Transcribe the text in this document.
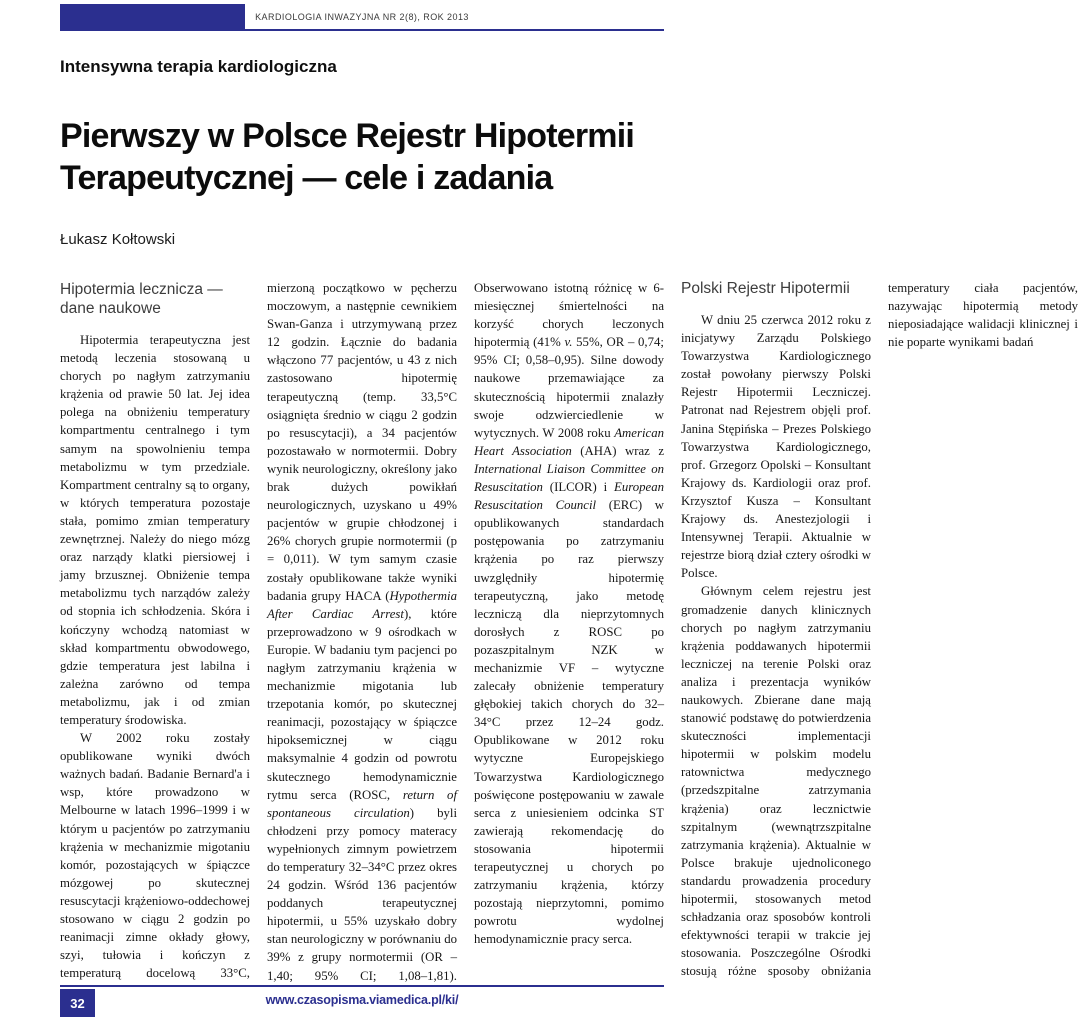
KARDIOLOGIA INWAZYJNA NR 2(8), ROK 2013
Intensywna terapia kardiologiczna
Pierwszy w Polsce Rejestr Hipotermii Terapeutycznej — cele i zadania
Łukasz Kołtowski
Hipotermia lecznicza — dane naukowe

Hipotermia terapeutyczna jest metodą leczenia stosowaną u chorych po nagłym zatrzymaniu krążenia od prawie 50 lat. Jej idea polega na obniżeniu temperatury kompartmentu centralnego i tym samym na spowolnieniu tempa metabolizmu w tym przedziale. Kompartment centralny są to organy, w których temperatura pozostaje stała, pomimo zmian temperatury zewnętrznej. Należy do niego mózg oraz narządy klatki piersiowej i jamy brzusznej. Obniżenie tempa metabolizmu tych narządów zależy od stopnia ich schłodzenia. Skóra i kończyny wchodzą natomiast w skład kompartmentu obwodowego, gdzie temperatura jest labilna i zależna zarówno od tempa metabolizmu, jak i od zmian temperatury środowiska.

W 2002 roku zostały opublikowane wyniki dwóch ważnych badań. Badanie Bernard'a i wsp, które prowadzono w Melbourne w latach 1996–1999 i w którym u pacjentów po zatrzymaniu krążenia w mechanizmie migotaniu komór, pozostających w śpiączce mózgowej po skutecznej resuscytacji krążeniowo-oddechowej stosowano w ciągu 2 godzin po reanimacji zimne okłady głowy, szyi, tułowia i kończyn z temperaturą docelową 33°C, mierzoną początkowo w pęcherzu moczowym, a następnie cewnikiem Swan-Ganza i utrzymywaną przez 12 godzin. Łącznie do badania włączono 77 pacjentów, u 43 z nich zastosowano hipotermię terapeutyczną (temp. 33,5°C osiągnięta średnio w ciągu 2 godzin po resuscytacji), a 34 pacjentów pozostawało w normotermii. Dobry wynik neurologiczny, określony jako brak dużych powikłań neurologicznych, uzyskano u 49% pacjentów w grupie chłodzonej i 26% chorych grupie normotermii (p = 0,011). W tym samym czasie zostały opublikowane także wyniki badania grupy HACA (Hypothermia After Cardiac Arrest), które przeprowadzono w 9 ośrodkach w Europie. W badaniu tym pacjenci po nagłym zatrzymaniu krążenia w mechanizmie migotania lub trzepotania komór, po skutecznej reanimacji, pozostający w śpiączce hipoksemicznej w ciągu maksymalnie 4 godzin od powrotu skutecznego hemodynamicznie rytmu serca (ROSC, return of spontaneous circulation) byli chłodzeni przy pomocy materacy wypełnionych zimnym powietrzem do temperatury 32–34°C przez okres 24 godzin. Wśród 136 pacjentów poddanych terapeutycznej hipotermii, u 55% uzyskało dobry stan neurologiczny w porównaniu do 39% z grupy normotermii (OR – 1,40; 95% CI; 1,08–1,81). Obserwowano istotną różnicę w 6-miesięcznej śmiertelności na korzyść chorych leczonych hipotermią (41% v. 55%, OR – 0,74; 95% CI; 0,58–0,95). Silne dowody naukowe przemawiające za skutecznością hipotermii znalazły swoje odzwierciedlenie w wytycznych. W 2008 roku American Heart Association (AHA) wraz z International Liaison Committee on Resuscitation (ILCOR) i European Resuscitation Council (ERC) w opublikowanych standardach postępowania po zatrzymaniu krążenia po raz pierwszy uwzględniły hipotermię terapeutyczną, jako metodę leczniczą dla nieprzytomnych dorosłych z ROSC po pozaszpitalnym NZK w mechanizmie VF – wytyczne zalecały obniżenie temperatury głębokiej takich chorych do 32–34°C przez 12–24 godz. Opublikowane w 2012 roku wytyczne Europejskiego Towarzystwa Kardiologicznego poświęcone postępowaniu w zawale serca z uniesieniem odcinka ST zawierają rekomendację do stosowania hipotermii terapeutycznej u chorych po zatrzymaniu krążenia, którzy pozostają nieprzytomni, pomimo powrotu wydolnej hemodynamicznie pracy serca.

Polski Rejestr Hipotermii

W dniu 25 czerwca 2012 roku z inicjatywy Zarządu Polskiego Towarzystwa Kardiologicznego został powołany pierwszy Polski Rejestr Hipotermii Leczniczej. Patronat nad Rejestrem objęli prof. Janina Stępińska – Prezes Polskiego Towarzystwa Kardiologicznego, prof. Grzegorz Opolski – Konsultant Krajowy ds. Kardiologii oraz prof. Krzysztof Kusza – Konsultant Krajowy ds. Anestezjologii i Intensywnej Terapii. Aktualnie w rejestrze biorą dział cztery ośrodki w Polsce.

Głównym celem rejestru jest gromadzenie danych klinicznych chorych po nagłym zatrzymaniu krążenia poddawanych hipotermii leczniczej na terenie Polski oraz analiza i prezentacja wyników naukowych. Zbierane dane mają stanowić podstawę do potwierdzenia skuteczności implementacji hipotermii w polskim modelu ratownictwa medycznego (przedszpitalne zatrzymania krążenia) oraz lecznictwie szpitalnym (wewnątrzszpitalne zatrzymania krążenia). Aktualnie w Polsce brakuje ujednoliconego standardu prowadzenia procedury hipotermii, stosowanych metod schładzania oraz sposobów kontroli efektywności terapii w trakcie jej stosowania. Poszczególne Ośrodki stosują różne sposoby obniżania temperatury ciała pacjentów, nazywając hipotermią metody nieposiadające walidacji klinicznej i nie poparte wynikami badań

32	www.czasopisma.viamedica.pl/ki/
